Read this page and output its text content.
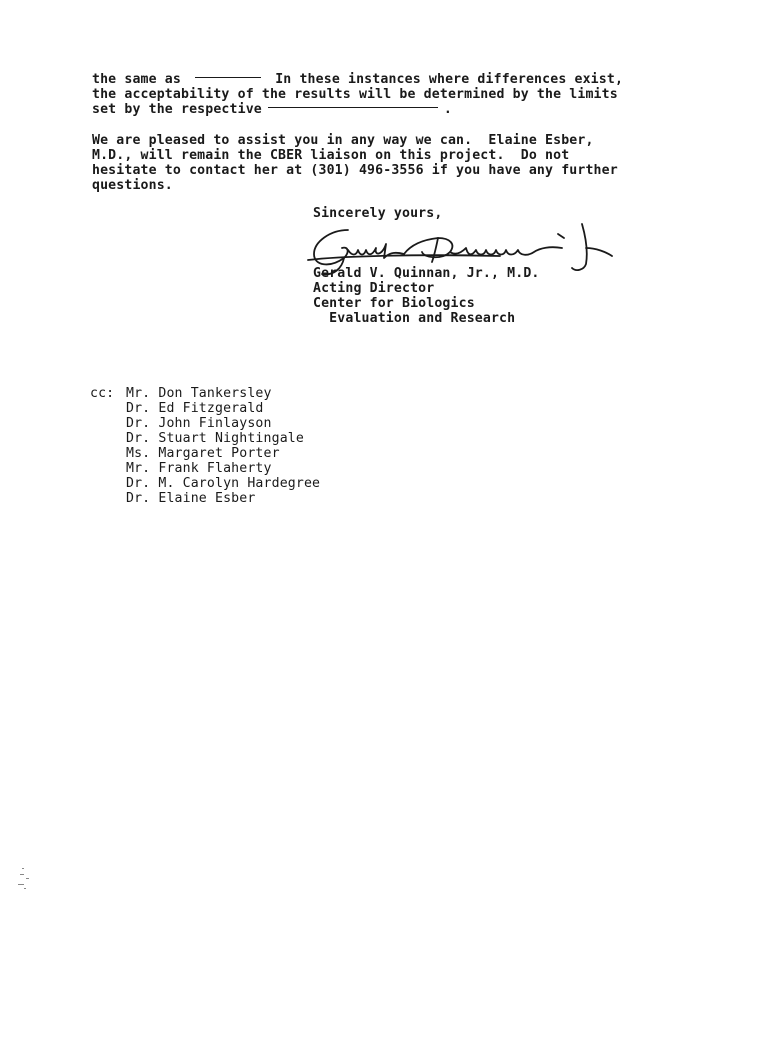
the same as	In these instances where differences exist,
the acceptability of the results will be determined by the limits
set by the respective	.
We are pleased to assist you in any way we can.  Elaine Esber,
M.D., will remain the CBER liaison on this project.  Do not
hesitate to contact her at (301) 496-3556 if you have any further
questions.
Sincerely yours,
Gerald V. Quinnan, Jr., M.D.
Acting Director
Center for Biologics
Evaluation and Research
cc: Mr. Don Tankersley
Dr. Ed Fitzgerald
Dr. John Finlayson
Dr. Stuart Nightingale
Ms. Margaret Porter
Mr. Frank Flaherty
Dr. M. Carolyn Hardegree
Dr. Elaine Esber
